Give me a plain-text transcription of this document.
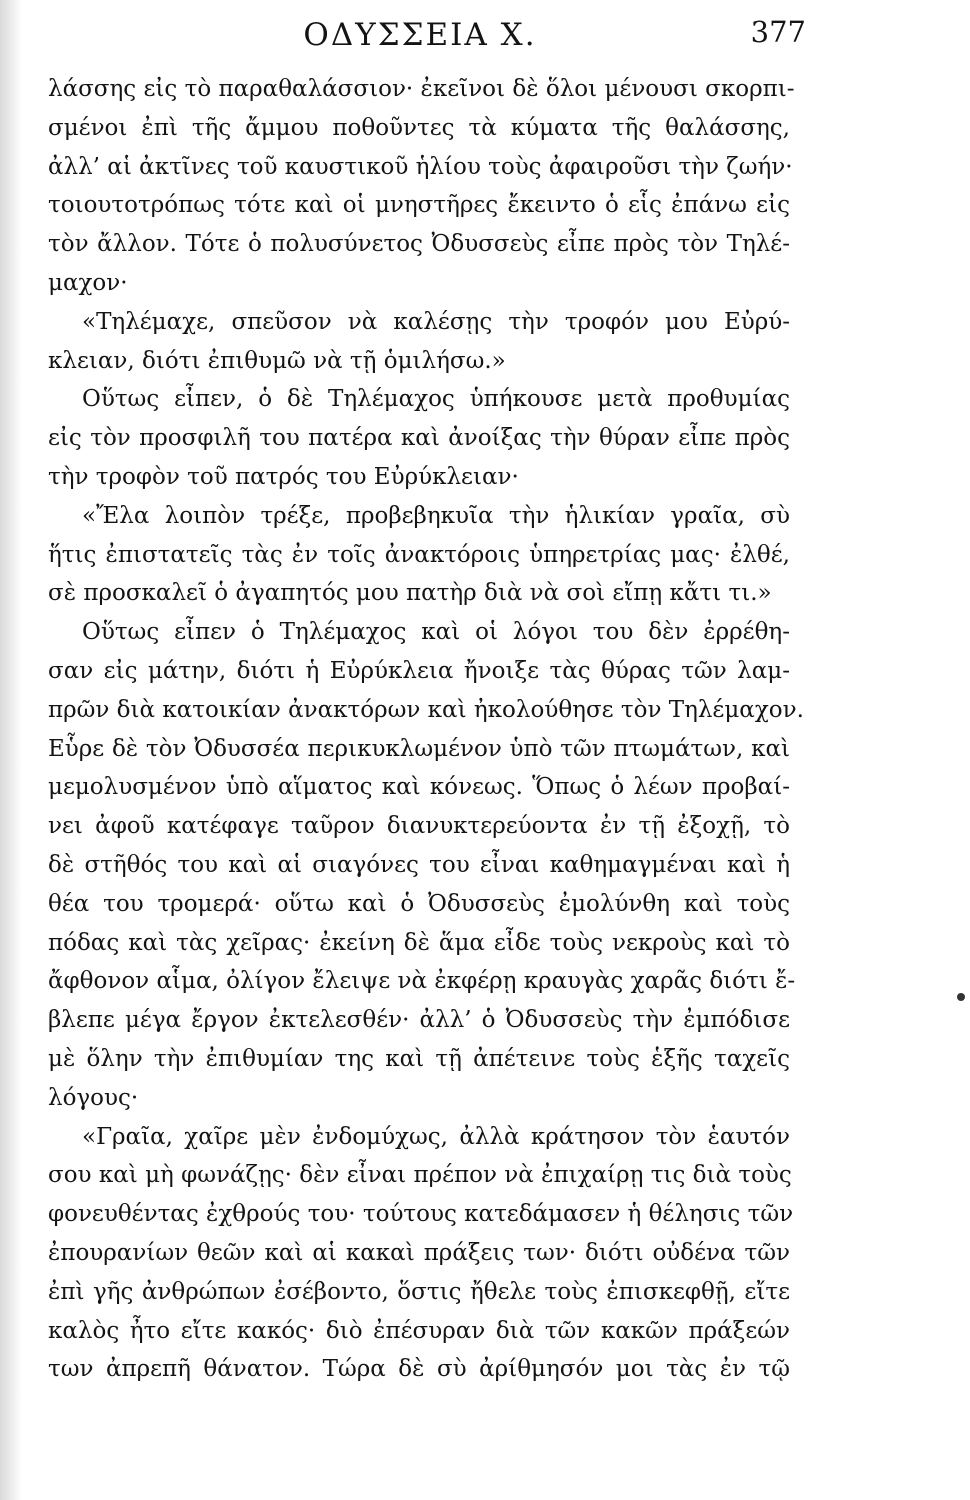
ΟΔΥΣΣΕΙΑ Χ.	377
λάσσης εἰς τὸ παραθαλάσσιον· ἐκεῖνοι δὲ ὅλοι μένουσι σκορπι-
σμένοι ἐπὶ τῆς ἄμμου ποθοῦντες τὰ κύματα τῆς θαλάσσης,
ἀλλ’ αἱ ἀκτῖνες τοῦ καυστικοῦ ἡλίου τοὺς ἀφαιροῦσι τὴν ζωήν·
τοιουτοτρόπως τότε καὶ οἱ μνηστῆρες ἔκειντο ὁ εἷς ἐπάνω εἰς
τὸν ἄλλον. Τότε ὁ πολυσύνετος Ὀδυσσεὺς εἶπε πρὸς τὸν Τηλέ-
μαχον·
«Τηλέμαχε, σπεῦσον νὰ καλέσῃς τὴν τροφόν μου Εὐρύ-
κλειαν, διότι ἐπιθυμῶ νὰ τῇ ὁμιλήσω.»
Οὕτως εἶπεν, ὁ δὲ Τηλέμαχος ὑπήκουσε μετὰ προθυμίας
εἰς τὸν προσφιλῆ του πατέρα καὶ ἀνοίξας τὴν θύραν εἶπε πρὸς
τὴν τροφὸν τοῦ πατρός του Εὐρύκλειαν·
«Ἔλα λοιπὸν τρέξε, προβεβηκυῖα τὴν ἡλικίαν γραῖα, σὺ
ἥτις ἐπιστατεῖς τὰς ἐν τοῖς ἀνακτόροις ὑπηρετρίας μας· ἐλθέ,
σὲ προσκαλεῖ ὁ ἀγαπητός μου πατὴρ διὰ νὰ σοὶ εἴπῃ κἄτι τι.»
Οὕτως εἶπεν ὁ Τηλέμαχος καὶ οἱ λόγοι του δὲν ἐρρέθη-
σαν εἰς μάτην, διότι ἡ Εὐρύκλεια ἤνοιξε τὰς θύρας τῶν λαμ-
πρῶν διὰ κατοικίαν ἀνακτόρων καὶ ἠκολούθησε τὸν Τηλέμαχον.
Εὗρε δὲ τὸν Ὀδυσσέα περικυκλωμένον ὑπὸ τῶν πτωμάτων, καὶ
μεμολυσμένον ὑπὸ αἵματος καὶ κόνεως. Ὅπως ὁ λέων προβαί-
νει ἀφοῦ κατέφαγε ταῦρον διανυκτερεύοντα ἐν τῇ ἐξοχῇ, τὸ
δὲ στῆθός του καὶ αἱ σιαγόνες του εἶναι καθημαγμέναι καὶ ἡ
θέα του τρομερά· οὕτω καὶ ὁ Ὀδυσσεὺς ἐμολύνθη καὶ τοὺς
πόδας καὶ τὰς χεῖρας· ἐκείνη δὲ ἅμα εἶδε τοὺς νεκροὺς καὶ τὸ
ἄφθονον αἷμα, ὀλίγον ἔλειψε νὰ ἐκφέρῃ κραυγὰς χαρᾶς διότι ἔ-
βλεπε μέγα ἔργον ἐκτελεσθέν· ἀλλ’ ὁ Ὀδυσσεὺς τὴν ἐμπόδισε
μὲ ὅλην τὴν ἐπιθυμίαν της καὶ τῇ ἀπέτεινε τοὺς ἑξῆς ταχεῖς
λόγους·
«Γραῖα, χαῖρε μὲν ἐνδομύχως, ἀλλὰ κράτησον τὸν ἑαυτόν
σου καὶ μὴ φωνάζῃς· δὲν εἶναι πρέπον νὰ ἐπιχαίρῃ τις διὰ τοὺς
φονευθέντας ἐχθρούς του· τούτους κατεδάμασεν ἡ θέλησις τῶν
ἐπουρανίων θεῶν καὶ αἱ κακαὶ πράξεις των· διότι οὐδένα τῶν
ἐπὶ γῆς ἀνθρώπων ἐσέβοντο, ὅστις ἤθελε τοὺς ἐπισκεφθῇ, εἴτε
καλὸς ἦτο εἴτε κακός· διὸ ἐπέσυραν διὰ τῶν κακῶν πράξεών
των ἀπρεπῆ θάνατον. Τώρα δὲ σὺ ἀρίθμησόν μοι τὰς ἐν τῷ
